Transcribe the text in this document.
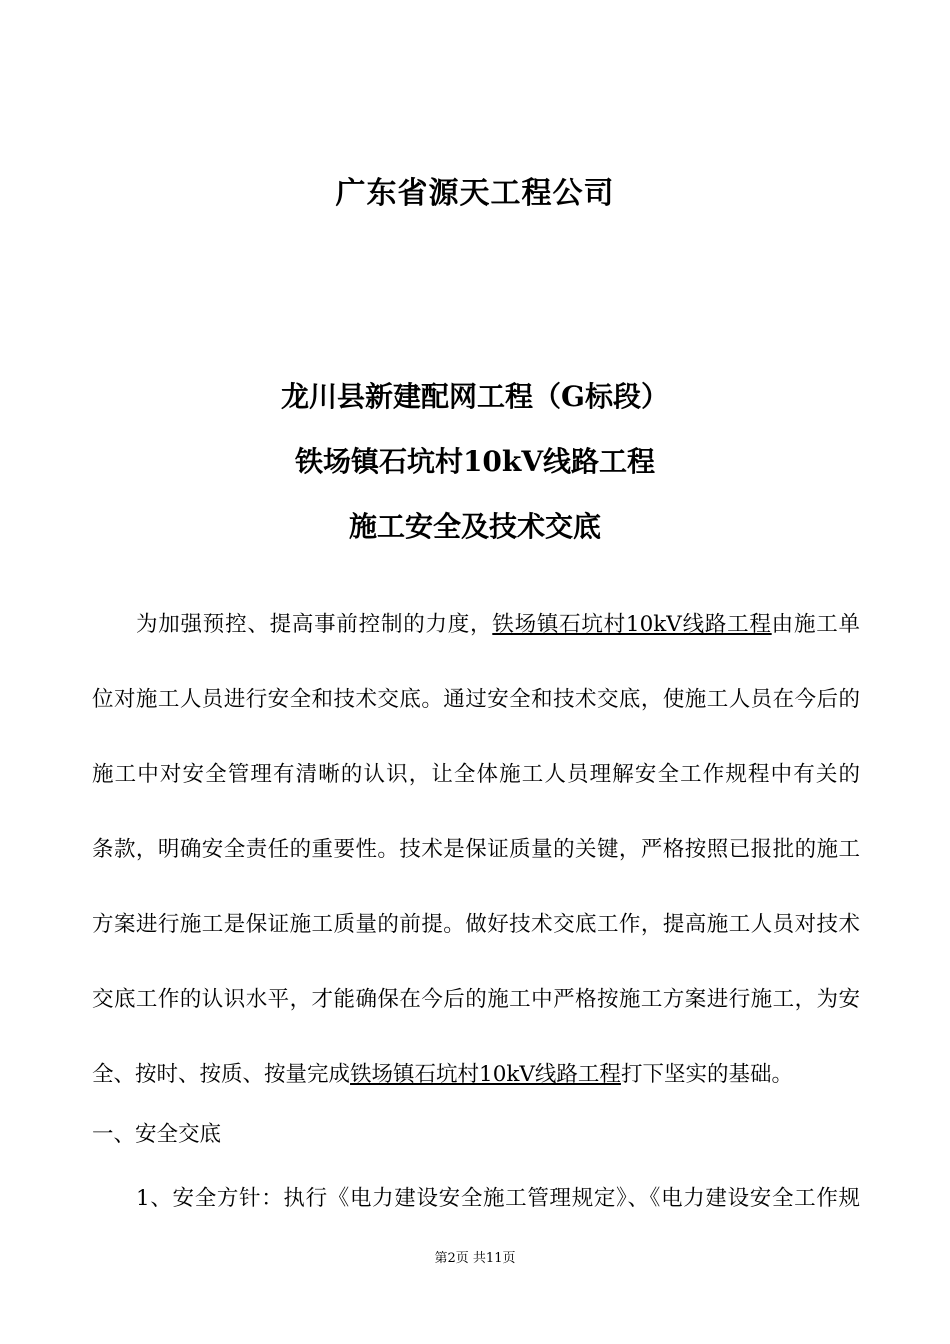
广东省源天工程公司
龙川县新建配网工程（G标段）
铁场镇石坑村10kV线路工程
施工安全及技术交底
为加强预控、提高事前控制的力度，铁场镇石坑村10kV线路工程由施工单
位对施工人员进行安全和技术交底。通过安全和技术交底，使施工人员在今后的
施工中对安全管理有清晰的认识，让全体施工人员理解安全工作规程中有关的
条款，明确安全责任的重要性。技术是保证质量的关键，严格按照已报批的施工
方案进行施工是保证施工质量的前提。做好技术交底工作，提高施工人员对技术
交底工作的认识水平，才能确保在今后的施工中严格按施工方案进行施工，为安
全、按时、按质、按量完成铁场镇石坑村10kV线路工程打下坚实的基础。
一、安全交底
1、安全方针：执行《电力建设安全施工管理规定》、《电力建设安全工作规
第2页 共11页
